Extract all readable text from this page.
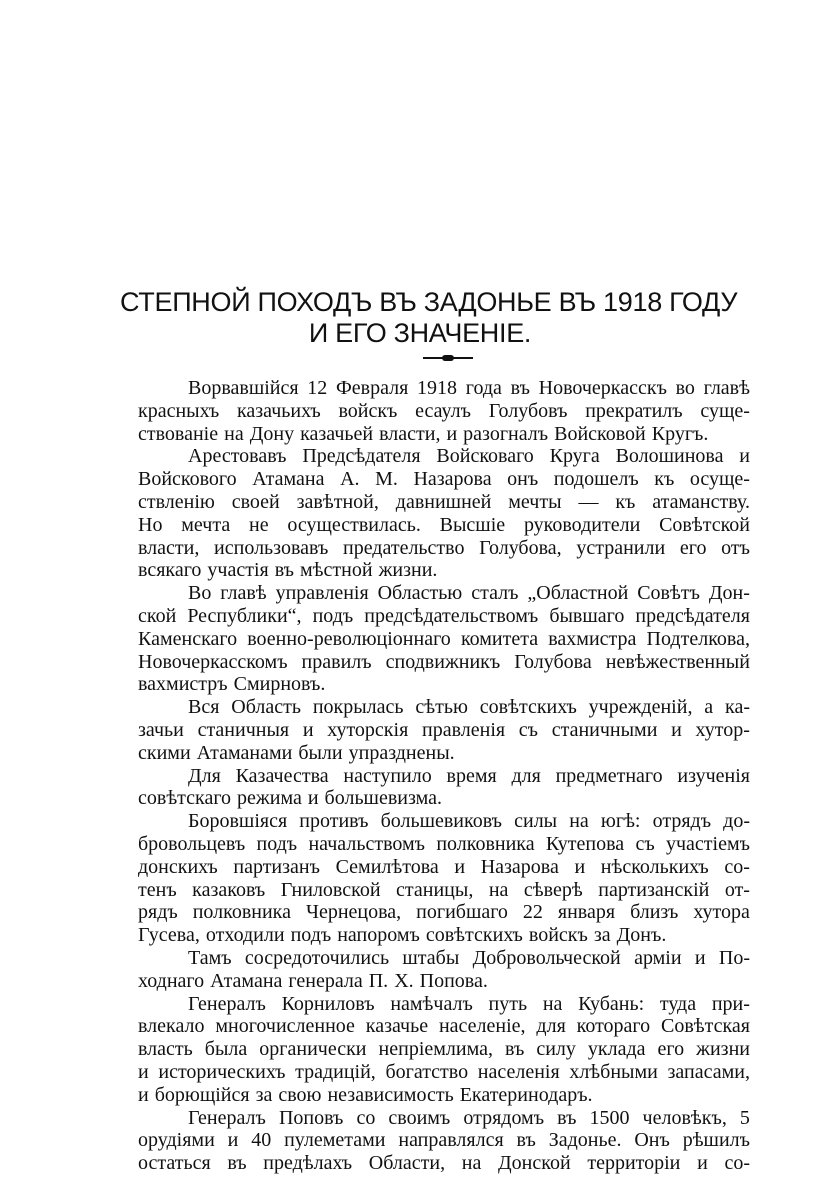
СТЕПНОЙ ПОХОДЪ ВЪ ЗАДОНЬЕ ВЪ 1918 ГОДУ
И ЕГО ЗНАЧЕНІЕ.
Ворвавшійся 12 Февраля 1918 года въ Новочеркасскъ во главѣ
красныхъ казачьихъ войскъ есаулъ Голубовъ прекратилъ суще-
ствованіе на Дону казачьей власти, и разогналъ Войсковой Кругъ.
Арестовавъ Предсѣдателя Войсковаго Круга Волошинова и
Войскового Атамана А. М. Назарова онъ подошелъ къ осуще-
ствленію своей завѣтной, давнишней мечты — къ атаманству.
Но мечта не осуществилась. Высшіе руководители Совѣтской
власти, использовавъ предательство Голубова, устранили его отъ
всякаго участія въ мѣстной жизни.
Во главѣ управленія Областью сталъ „Областной Совѣтъ Дон-
ской Республики“, подъ предсѣдательствомъ бывшаго предсѣдателя
Каменскаго военно-революціоннаго комитета вахмистра Подтелкова,
Новочеркасскомъ правилъ сподвижникъ Голубова невѣжественный
вахмистръ Смирновъ.
Вся Область покрылась сѣтью совѣтскихъ учрежденій, а ка-
зачьи станичныя и хуторскія правленія съ станичными и хутор-
скими Атаманами были упразднены.
Для Казачества наступило время для предметнаго изученія
совѣтскаго режима и большевизма.
Боровшіяся противъ большевиковъ силы на югѣ: отрядъ до-
бровольцевъ подъ начальствомъ полковника Кутепова съ участіемъ
донскихъ партизанъ Семилѣтова и Назарова и нѣсколькихъ со-
тенъ казаковъ Гниловской станицы, на сѣверѣ партизанскій от-
рядъ полковника Чернецова, погибшаго 22 января близъ хутора
Гусева, отходили подъ напоромъ совѣтскихъ войскъ за Донъ.
Тамъ сосредоточились штабы Добровольческой арміи и По-
ходнаго Атамана генерала П. Х. Попова.
Генералъ Корниловъ намѣчалъ путь на Кубань: туда при-
влекало многочисленное казачье населеніе, для котораго Совѣтская
власть была органически непріемлима, въ силу уклада его жизни
и историческихъ традицій, богатство населенія хлѣбными запасами,
и борющійся за свою независимость Екатеринодаръ.
Генералъ Поповъ со своимъ отрядомъ въ 1500 человѣкъ, 5
орудіями и 40 пулеметами направлялся въ Задонье. Онъ рѣшилъ
остаться въ предѣлахъ Области, на Донской территоріи и со-
